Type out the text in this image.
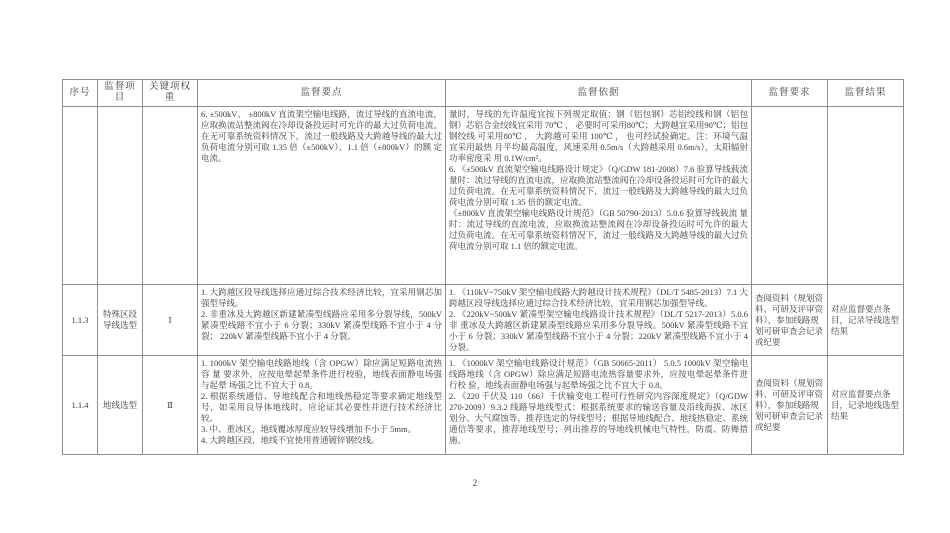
序号	监督项目	关键项权重	监督要点	监督依据	监督要求	监督结果
			6. ±500kV、 ±800kV 直流架空输电线路，流过导线的直流电流， 应取换流站整流阀在冷却设备投运时可允许的最大过负荷电流。 在无可靠系统资料情况下，流过一般线路及大跨越导线的最大过 负荷电流分别可取 1.35 倍（±500kV）、1.1 倍（±800kV）的额 定电流。	量时，导线的允许温度宜按下列规定取值：钢（铝包钢）芯铝绞线和钢（铝包钢）芯铝合金绞线宜采用 70℃ ， 必要时可采用80℃；大跨越宜采用90℃；铝包钢绞线 可采用80℃ ， 大跨越可采用 100℃ ， 也可经试验确定。注：环境气温宜采用最热 月平均最高温度，风速采用 0.5m/s（大跨越采用 0.6m/s），太阳辐射功率密度采 用 0.1W/cm²。
6. 《±500kV 直流架空输电线路设计规定》（Q/GDW 181-2008）7.6 验算导线载流 量时：流过导线的直流电流，应取换流站整流阀在冷却设备投运时可允许的最大 过负荷电流。在无可靠系统资料情况下，流过一般线路及大跨越导线的最大过负 荷电流分别可取 1.35 倍的额定电流。
《±800kV 直流架空输电线路设计规范》（GB 50790-2013）5.0.6 验算导线载流 量时：流过导线的直流电流，应取换流站整流阀在冷却设备投运时可允许的最大 过负荷电流。在无可靠系统资料情况下，流过一般线路及大跨越导线的最大过负 荷电流分别可取 1.1 倍的额定电流。		
1.1.3	特殊区段导线选型	Ⅰ	1. 大跨越区段导线选择应通过综合技术经济比较，宜采用钢芯加强型导线。
2. 非重冰及大跨越区新建紧凑型线路应采用多分裂导线，500kV 紧凑型线路不宜小于 6 分裂；330kV 紧凑型线路不宜小于 4 分裂； 220kV 紧凑型线路不宜小于 4 分裂。	1. 《110kV~750kV 架空输电线路大跨越设计技术规程》（DL/T 5485-2013）7.1 大 跨越区段导线选择应通过综合技术经济比较，宜采用钢芯加强型导线。
2. 《220kV~500kV 紧凑型架空输电线路设计技术规程》（DL/T 5217-2013）5.0.6 非 重冰及大跨越区新建紧凑型线路应采用多分裂导线。500kV 紧凑型线路不宜小于 6 分裂；330kV 紧凑型线路不宜小于 4 分裂；220kV 紧凑型线路不宜小于 4 分裂。	查阅资料（规划资料、可研及评审资料），参加线路规划可研审查会记录或纪要	对应监督要点条目，记录导线选型结果
1.1.4	地线选型	Ⅱ	1. 1000kV 架空输电线路地线（含 OPGW）除应满足短路电流热容 量 要求外，应按电晕起晕条件进行校验，地线表面静电场强与起晕 场强之比不宜大于 0.8。
2. 根据系统通信、导地线配合和地线热稳定等要求确定地线型号，如采用良导体地线时，应论证其必要性并进行技术经济比较。
3. 中、重冰区，地线覆冰厚度应较导线增加不小于 5mm。
4. 大跨越区段，地线不宜使用普通镀锌钢绞线。	1. 《1000kV 架空输电线路设计规范》（GB 50665-2011） 5.0.5 1000kV 架空输电 线路地线（含 OPGW）除应满足短路电流热容量要求外，应按电晕起晕条件进行校 验，地线表面静电场强与起晕场强之比不宜大于 0.8。
2. 《220 千伏及 110（66）千伏输变电工程可行性研究内容深度规定》（Q/GDW 270-2009）9.3.2 线路导地线型式：根据系统要求的输送容量及沿线海拔、冰区 划分、大气腐蚀等，推荐选定的导线型号；根据导地线配合、地线热稳定、系统 通信等要求，推荐地线型号；列出推荐的导地线机械电气特性，防震、防舞措施。	查阅资料（规划资料、可研及评审资料），参加线路规划可研审查会记录或纪要	对应监督要点条目，记录地线选型结果
2
